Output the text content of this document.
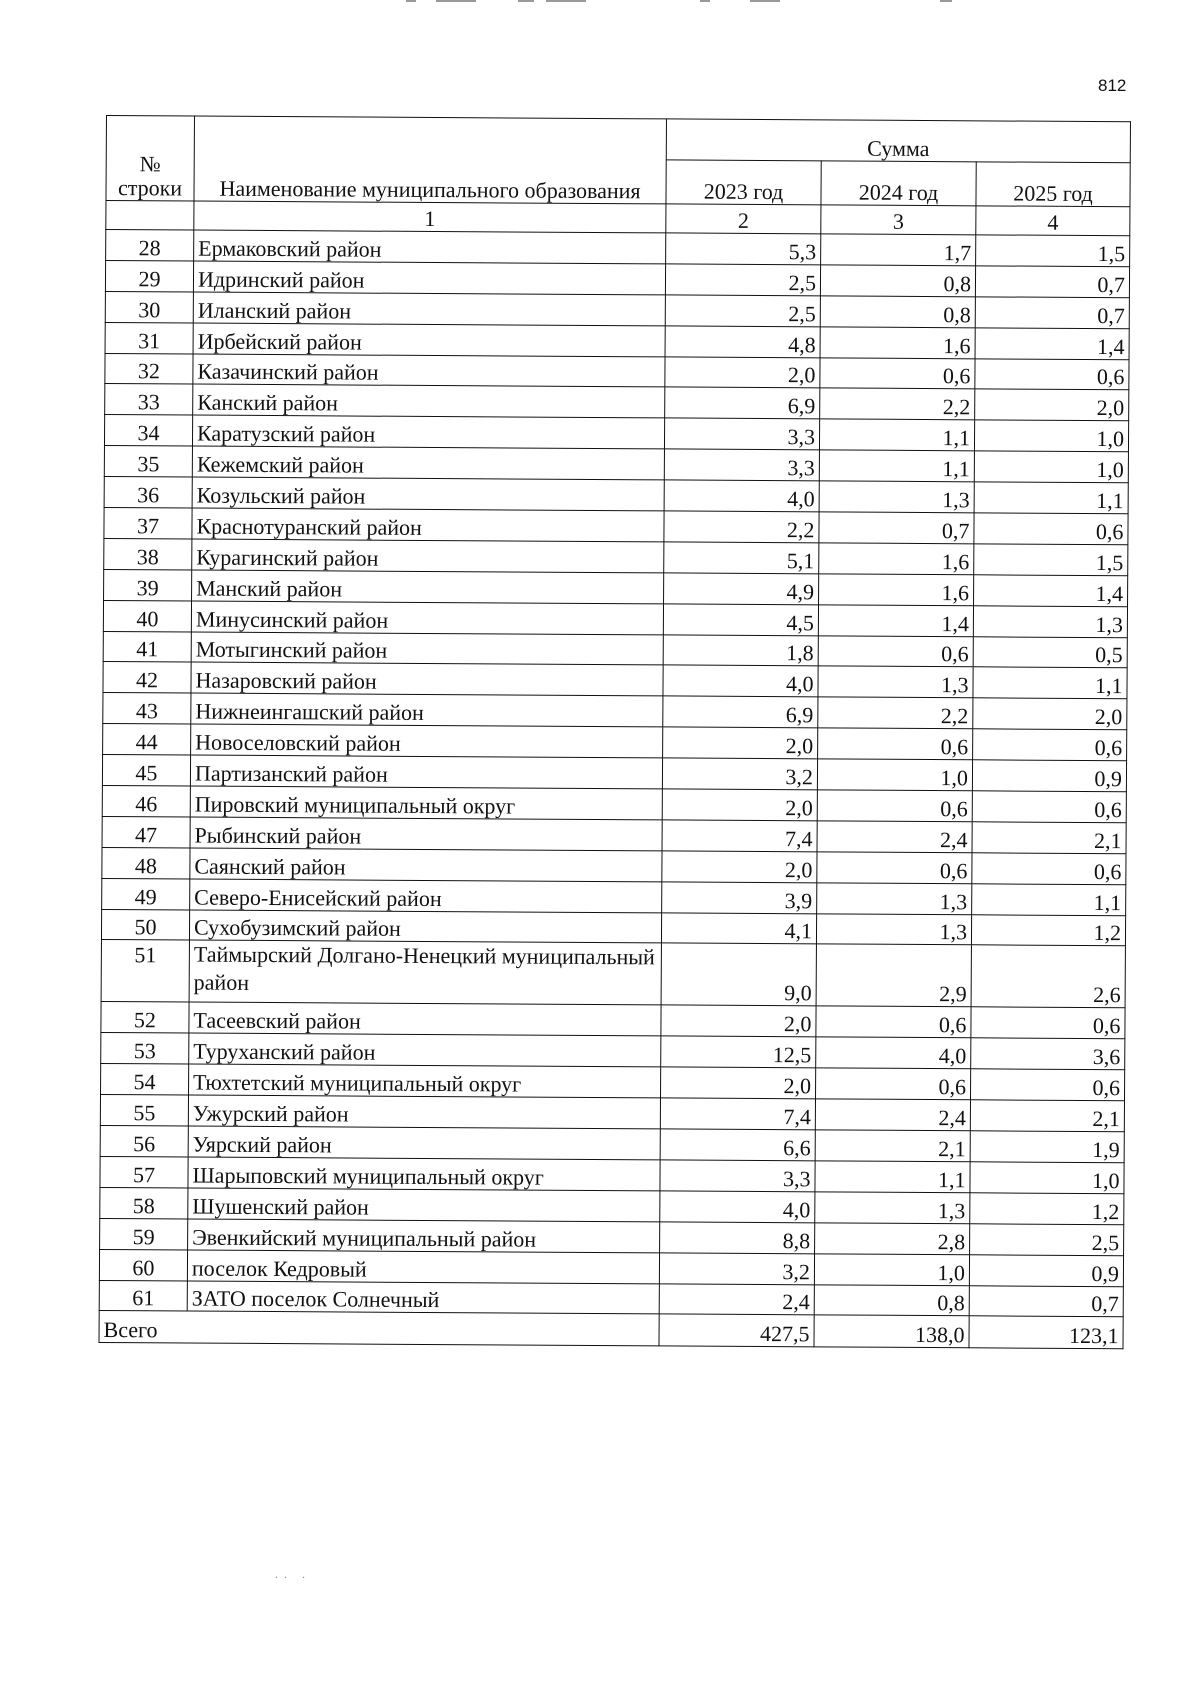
812
№ строки	Наименование муниципального образования	Сумма		
		2023 год	2024 год	2025 год
	1	2	3	4
28	Ермаковский район	5,3	1,7	1,5
29	Идринский район	2,5	0,8	0,7
30	Иланский район	2,5	0,8	0,7
31	Ирбейский район	4,8	1,6	1,4
32	Казачинский район	2,0	0,6	0,6
33	Канский район	6,9	2,2	2,0
34	Каратузский район	3,3	1,1	1,0
35	Кежемский район	3,3	1,1	1,0
36	Козульский район	4,0	1,3	1,1
37	Краснотуранский район	2,2	0,7	0,6
38	Курагинский район	5,1	1,6	1,5
39	Манский район	4,9	1,6	1,4
40	Минусинский район	4,5	1,4	1,3
41	Мотыгинский район	1,8	0,6	0,5
42	Назаровский район	4,0	1,3	1,1
43	Нижнеингашский район	6,9	2,2	2,0
44	Новоселовский район	2,0	0,6	0,6
45	Партизанский район	3,2	1,0	0,9
46	Пировский муниципальный округ	2,0	0,6	0,6
47	Рыбинский район	7,4	2,4	2,1
48	Саянский район	2,0	0,6	0,6
49	Северо-Енисейский район	3,9	1,3	1,1
50	Сухобузимский район	4,1	1,3	1,2
51	Таймырский Долгано-Ненецкий муниципальный район	9,0	2,9	2,6
52	Тасеевский район	2,0	0,6	0,6
53	Туруханский район	12,5	4,0	3,6
54	Тюхтетский муниципальный округ	2,0	0,6	0,6
55	Ужурский район	7,4	2,4	2,1
56	Уярский район	6,6	2,1	1,9
57	Шарыповский муниципальный округ	3,3	1,1	1,0
58	Шушенский район	4,0	1,3	1,2
59	Эвенкийский муниципальный район	8,8	2,8	2,5
60	поселок Кедровый	3,2	1,0	0,9
61	ЗАТО поселок Солнечный	2,4	0,8	0,7
Всего		427,5	138,0	123,1
.. .
